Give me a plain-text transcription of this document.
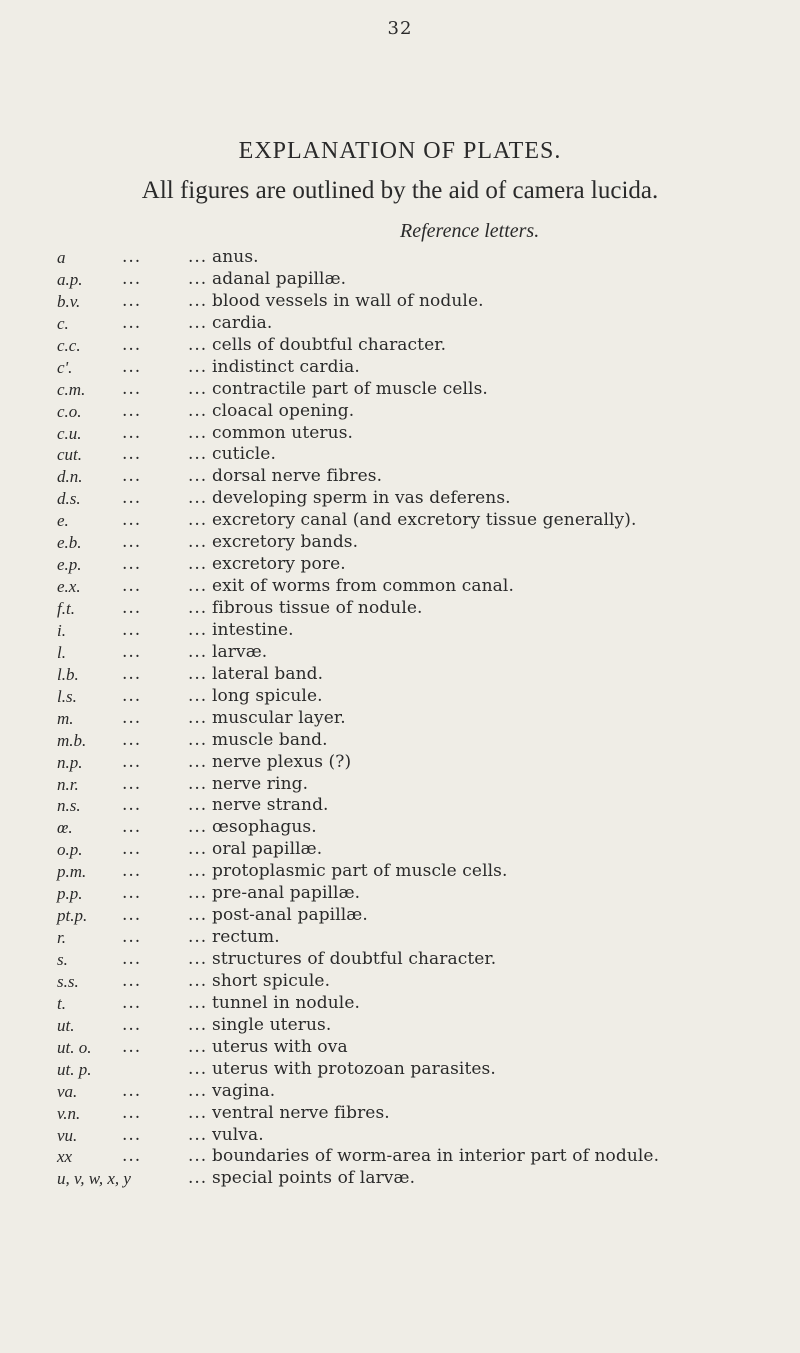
32
EXPLANATION OF PLATES.
All figures are outlined by the aid of camera lucida.
Reference letters.
a	...	... anus.
a.p. ...	... adanal papillæ.
b.v. ...	... blood vessels in wall of nodule.
c.	...	... cardia.
c.c. ...	... cells of doubtful character.
c'.	...	... indistinct cardia.
c.m. ...	... contractile part of muscle cells.
c.o. ...	... cloacal opening.
c.u. ...	... common uterus.
cut. ...	... cuticle.
d.n. ...	... dorsal nerve fibres.
d.s. ...	... developing sperm in vas deferens.
e.	...	... excretory canal (and excretory tissue generally).
e.b. ...	... excretory bands.
e.p. ...	... excretory pore.
e.x. ...	... exit of worms from common canal.
f.t.	...	... fibrous tissue of nodule.
i.	...	... intestine.
l.	...	... larvæ.
l.b.	...	... lateral band.
l.s.	...	... long spicule.
m.	...	... muscular layer.
m.b. ...	... muscle band.
n.p. ...	... nerve plexus (?)
n.r.	...	... nerve ring.
n.s. ...	... nerve strand.
œ.	...	... œsophagus.
o.p. ...	... oral papillæ.
p.m. ...	... protoplasmic part of muscle cells.
p.p. ...	... pre-anal papillæ.
pt.p. ...	... post-anal papillæ.
r.	...	... rectum.
s.	...	... structures of doubtful character.
s.s.	...	... short spicule.
t.	...	... tunnel in nodule.
ut.	...	... single uterus.
ut. o. ...	... uterus with ova
ut. p.	... uterus with protozoan parasites.
va.	...	... vagina.
v.n. ...	... ventral nerve fibres.
vu.	...	... vulva.
xx	...	... boundaries of worm-area in interior part of nodule.
u, v, w, x, y	... special points of larvæ.
